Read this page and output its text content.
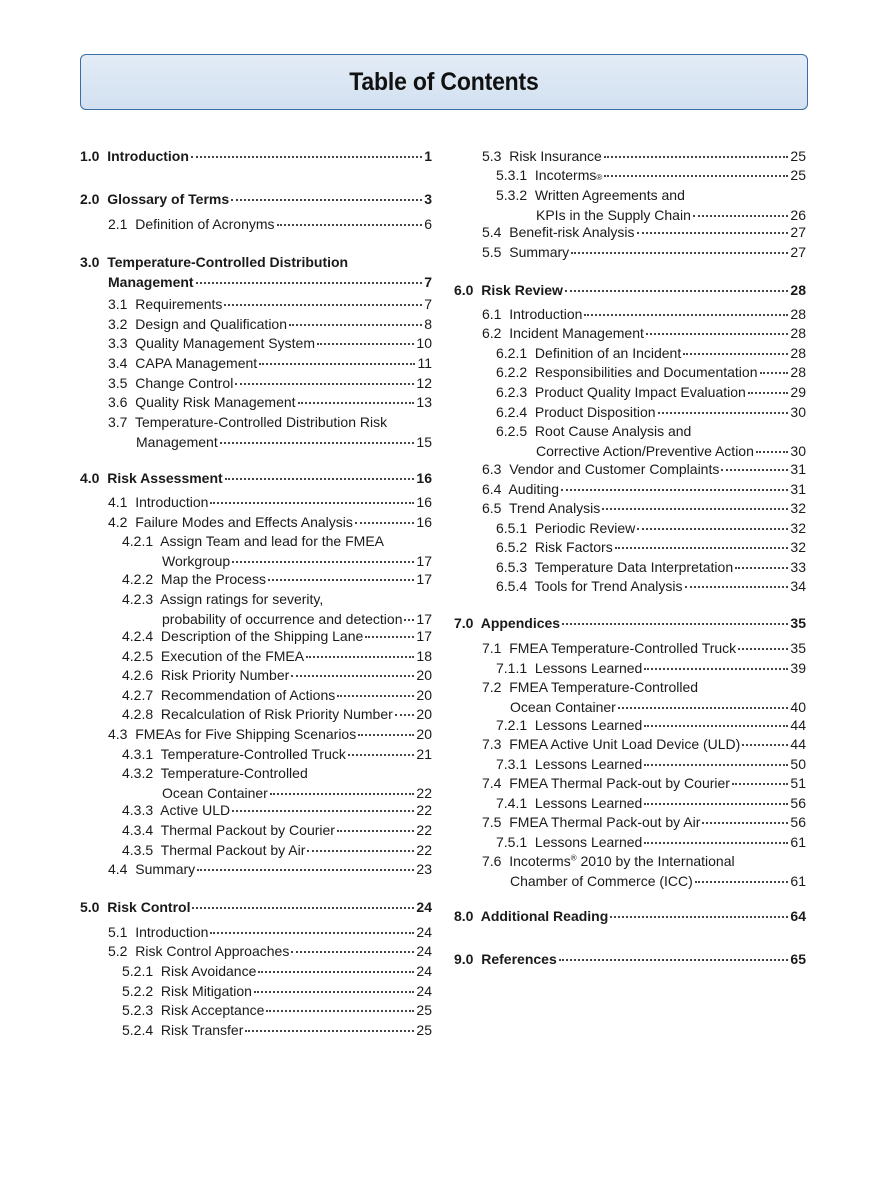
Table of Contents
1.0  Introduction	1
2.0  Glossary of Terms	3
2.1  Definition of Acronyms	6
3.0  Temperature-Controlled Distribution
Management	7
3.1  Requirements	7
3.2  Design and Qualification	8
3.3  Quality Management System	10
3.4  CAPA Management	11
3.5  Change Control	12
3.6  Quality Risk Management	13
3.7  Temperature-Controlled Distribution Risk
Management	15
4.0  Risk Assessment	16
4.1  Introduction	16
4.2  Failure Modes and Effects Analysis	16
4.2.1  Assign Team and lead for the FMEA
Workgroup	17
4.2.2  Map the Process	17
4.2.3  Assign ratings for severity,
probability of occurrence and detection 17
4.2.4  Description of the Shipping Lane	17
4.2.5  Execution of the FMEA	18
4.2.6  Risk Priority Number	20
4.2.7  Recommendation of Actions	20
4.2.8  Recalculation of Risk Priority Number 20
4.3  FMEAs for Five Shipping Scenarios	20
4.3.1  Temperature-Controlled Truck	21
4.3.2  Temperature-Controlled
Ocean Container	22
4.3.3  Active ULD	22
4.3.4  Thermal Packout by Courier	22
4.3.5  Thermal Packout by Air	22
4.4  Summary	23
5.0  Risk Control	24
5.1  Introduction	24
5.2  Risk Control Approaches	24
5.2.1  Risk Avoidance	24
5.2.2  Risk Mitigation	24
5.2.3  Risk Acceptance	25
5.2.4  Risk Transfer	25
5.3  Risk Insurance	25
5.3.1  Incoterms ®	25
5.3.2  Written Agreements and
KPIs in the Supply Chain	26
5.4  Benefit-risk Analysis	27
5.5  Summary	27
6.0  Risk Review	28
6.1  Introduction	28
6.2  Incident Management	28
6.2.1  Definition of an Incident	28
6.2.2  Responsibilities and Documentation 28
6.2.3  Product Quality Impact Evaluation	29
6.2.4  Product Disposition	30
6.2.5  Root Cause Analysis and
Corrective Action/Preventive Action	30
6.3  Vendor and Customer Complaints	31
6.4  Auditing	31
6.5  Trend Analysis	32
6.5.1  Periodic Review	32
6.5.2  Risk Factors	32
6.5.3  Temperature Data Interpretation	33
6.5.4  Tools for Trend Analysis	34
7.0  Appendices	35
7.1  FMEA Temperature-Controlled Truck	35
7.1.1  Lessons Learned	39
7.2  FMEA Temperature-Controlled
Ocean Container	40
7.2.1  Lessons Learned	44
7.3  FMEA Active Unit Load Device (ULD)	44
7.3.1  Lessons Learned	50
7.4  FMEA Thermal Pack-out by Courier	51
7.4.1  Lessons Learned	56
7.5  FMEA Thermal Pack-out by Air	56
7.5.1  Lessons Learned	61
7.6  Incoterms® 2010 by the International
Chamber of Commerce (ICC)	61
8.0  Additional Reading	64
9.0  References	65
